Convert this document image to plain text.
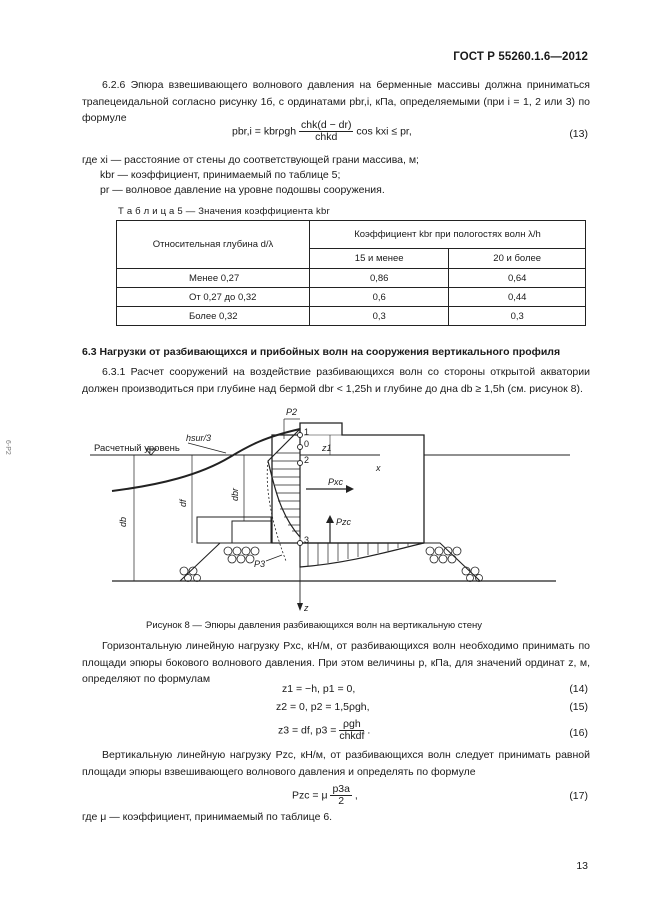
ГОСТ Р 55260.1.6—2012
6.2.6 Эпюра взвешивающего волнового давления на берменные массивы должна приниматься трапецеидальной согласно рисунку 1б, с ординатами pbr,i, кПа, определяемыми (при i = 1, 2 или 3) по формуле
pbr,i = kbrρgh $\frac{\text{chk(d − dr)}}{\text{chkd}}$ cos kxi ≤ pr,	(13)
где xi — расстояние от стены до соответствующей грани массива, м;
kbr — коэффициент, принимаемый по таблице 5;
pr — волновое давление на уровне подошвы сооружения.
Т а б л и ц а 5 — Значения коэффициента kbr
Относительная глубина d/λ	Коэффициент kbr при пологостях волн λ/h	
	15 и менее	20 и более
Менее 0,27	0,86	0,64
От 0,27 до 0,32	0,6	0,44
Более 0,32	0,3	0,3
6.3 Нагрузки от разбивающихся и прибойных волн на сооружения вертикального профиля
6.3.1 Расчет сооружений на воздействие разбивающихся волн со стороны открытой акватории должен производиться при глубине над бермой dbr < 1,25h и глубине до дна db ≥ 1,5h (см. рисунок 8).
Расчетный уровень
hsur/3
P2
1
0
2
3
z1
x
Pxc
Pzc
P3
z
db
df
dbr
Рисунок 8 — Эпюры давления разбивающихся волн на вертикальную стену
Горизонтальную линейную нагрузку Pxc, кН/м, от разбивающихся волн необходимо принимать по площади эпюры бокового волнового давления. При этом величины p, кПа, для значений ординат z, м, определяют по формулам
z1 = −h, p1 = 0,	(14)
z2 = 0, p2 = 1,5ρgh,	(15)
z3 = df, $p3 = \frac{\text{ρgh}}{\text{chkdf}}$ .	(16)
Вертикальную линейную нагрузку Pzc, кН/м, от разбивающихся волн следует принимать равной площади эпюры взвешивающего волнового давления и определять по формуле
Pzc = μ $\frac{p3a}{2}$ ,	(17)
где μ — коэффициент, принимаемый по таблице 6.
13
6-P2
